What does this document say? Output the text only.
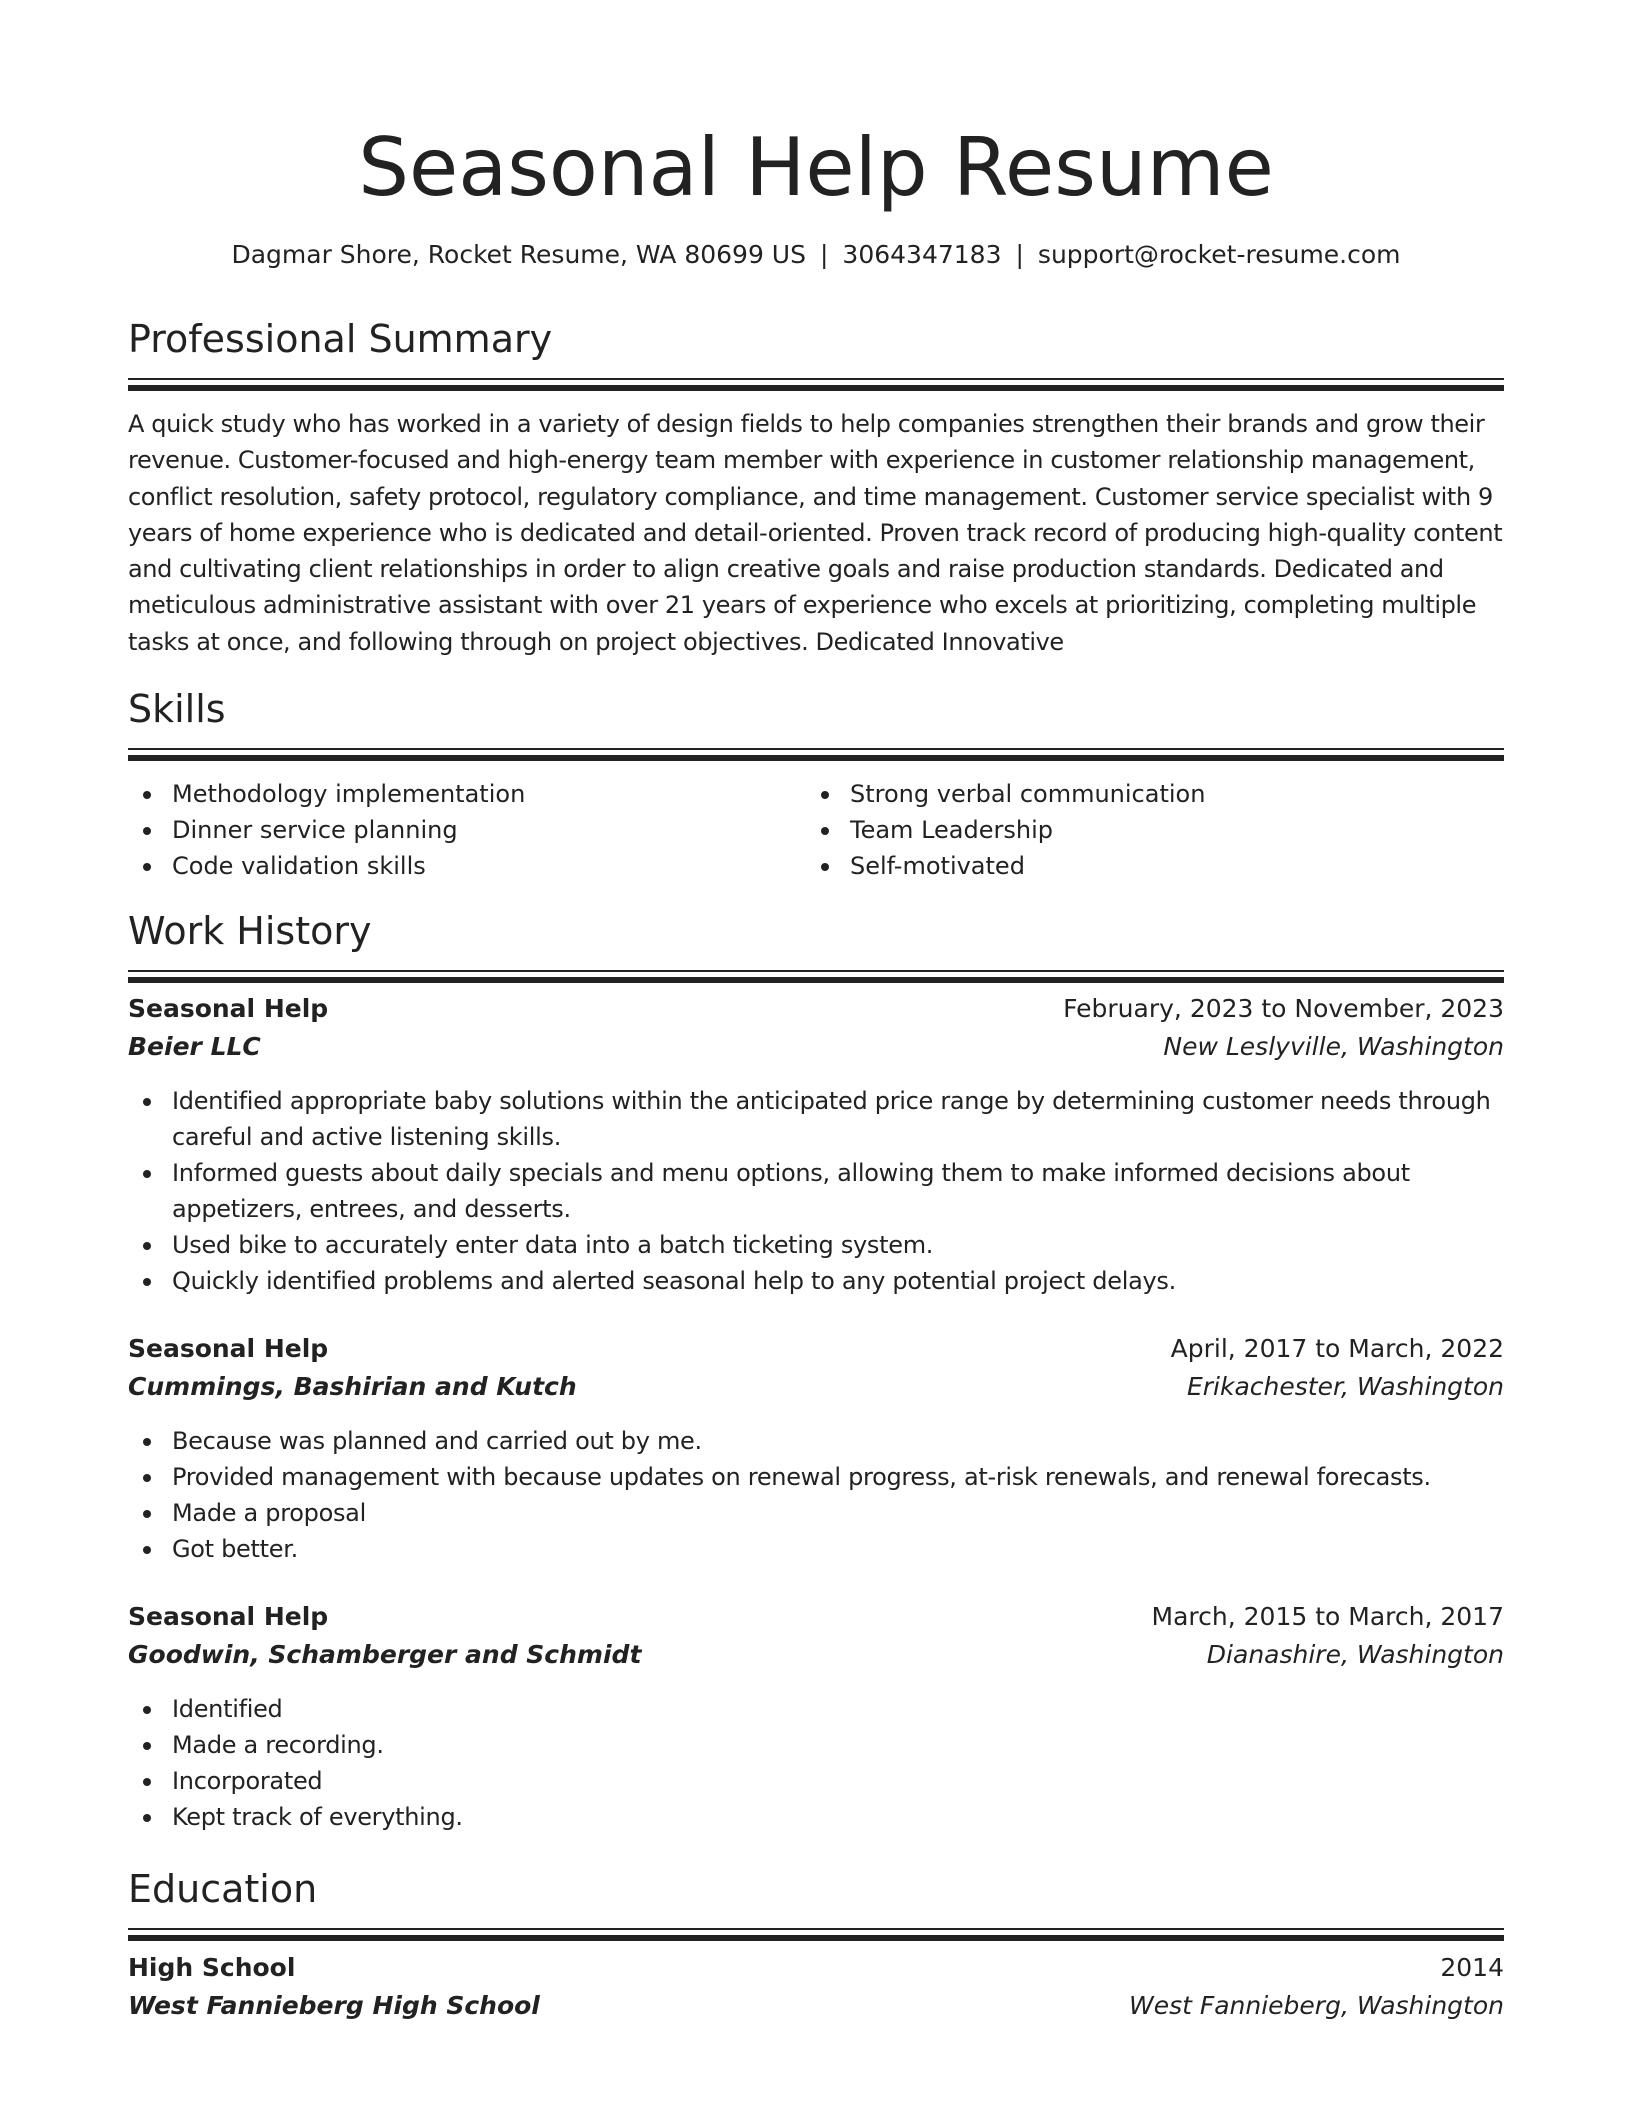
Seasonal Help Resume
Dagmar Shore, Rocket Resume, WA 80699 US | 3064347183 | support@rocket-resume.com
Professional Summary

A quick study who has worked in a variety of design fields to help companies strengthen their brands and grow their revenue. Customer-focused and high-energy team member with experience in customer relationship management, conflict resolution, safety protocol, regulatory compliance, and time management. Customer service specialist with 9 years of home experience who is dedicated and detail-oriented. Proven track record of producing high-quality content and cultivating client relationships in order to align creative goals and raise production standards. Dedicated and meticulous administrative assistant with over 21 years of experience who excels at prioritizing, completing multiple tasks at once, and following through on project objectives. Dedicated Innovative

Skills
Methodology implementation
Dinner service planning
Code validation skills
Strong verbal communication
Team Leadership
Self-motivated
Work History
Seasonal Help	February, 2023 to November, 2023
Beier LLC	New Leslyville, Washington
Identified appropriate baby solutions within the anticipated price range by determining customer needs through careful and active listening skills.
Informed guests about daily specials and menu options, allowing them to make informed decisions about appetizers, entrees, and desserts.
Used bike to accurately enter data into a batch ticketing system.
Quickly identified problems and alerted seasonal help to any potential project delays.
Seasonal Help	April, 2017 to March, 2022
Cummings, Bashirian and Kutch	Erikachester, Washington
Because was planned and carried out by me.
Provided management with because updates on renewal progress, at-risk renewals, and renewal forecasts.
Made a proposal
Got better.
Seasonal Help	March, 2015 to March, 2017
Goodwin, Schamberger and Schmidt	Dianashire, Washington
Identified
Made a recording.
Incorporated
Kept track of everything.
Education
High School	2014
West Fannieberg High School	West Fannieberg, Washington
